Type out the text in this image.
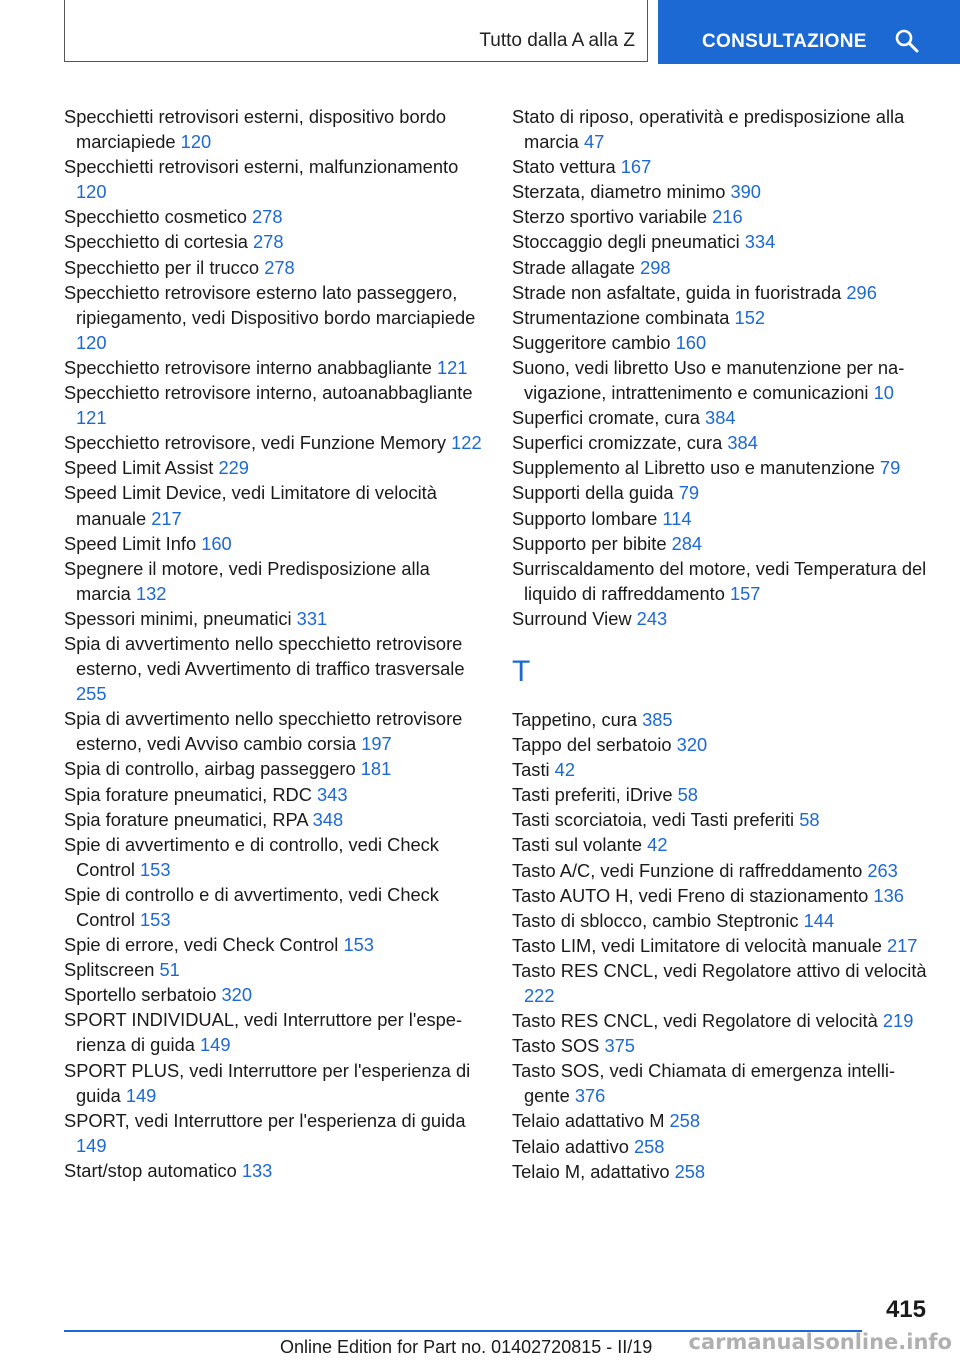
Tutto dalla A alla Z	CONSULTAZIONE

Specchietti retrovisori esterni, dispositivo bordo marciapiede 120

Specchietti retrovisori esterni, malfunzionamento 120

Specchietto cosmetico 278

Specchietto di cortesia 278

Specchietto per il trucco 278

Specchietto retrovisore esterno lato passeggero, ripiegamento, vedi Dispositivo bordo marciapiede 120

Specchietto retrovisore interno anabbagliante 121

Specchietto retrovisore interno, autoanabbagliante 121

Specchietto retrovisore, vedi Funzione Memory 122

Speed Limit Assist 229

Speed Limit Device, vedi Limitatore di velocità manuale 217

Speed Limit Info 160

Spegnere il motore, vedi Predisposizione alla marcia 132

Spessori minimi, pneumatici 331

Spia di avvertimento nello specchietto retrovisore esterno, vedi Avvertimento di traffico trasversale 255

Spia di avvertimento nello specchietto retrovisore esterno, vedi Avviso cambio corsia 197

Spia di controllo, airbag passeggero 181

Spia forature pneumatici, RDC 343

Spia forature pneumatici, RPA 348

Spie di avvertimento e di controllo, vedi Check Control 153

Spie di controllo e di avvertimento, vedi Check Control 153

Spie di errore, vedi Check Control 153

Splitscreen 51

Sportello serbatoio 320

SPORT INDIVIDUAL, vedi Interruttore per l'esperienza di guida 149

SPORT PLUS, vedi Interruttore per l'esperienza di guida 149

SPORT, vedi Interruttore per l'esperienza di guida 149

Start/stop automatico 133

Stato di riposo, operatività e predisposizione alla marcia 47

Stato vettura 167

Sterzata, diametro minimo 390

Sterzo sportivo variabile 216

Stoccaggio degli pneumatici 334

Strade allagate 298

Strade non asfaltate, guida in fuoristrada 296

Strumentazione combinata 152

Suggeritore cambio 160

Suono, vedi libretto Uso e manutenzione per navigazione, intrattenimento e comunicazioni 10

Superfici cromate, cura 384

Superfici cromizzate, cura 384

Supplemento al Libretto uso e manutenzione 79

Supporti della guida 79

Supporto lombare 114

Supporto per bibite 284

Surriscaldamento del motore, vedi Temperatura del liquido di raffreddamento 157

Surround View 243

T

Tappetino, cura 385

Tappo del serbatoio 320

Tasti 42

Tasti preferiti, iDrive 58

Tasti scorciatoia, vedi Tasti preferiti 58

Tasti sul volante 42

Tasto A/C, vedi Funzione di raffreddamento 263

Tasto AUTO H, vedi Freno di stazionamento 136

Tasto di sblocco, cambio Steptronic 144

Tasto LIM, vedi Limitatore di velocità manuale 217

Tasto RES CNCL, vedi Regolatore attivo di velocità 222

Tasto RES CNCL, vedi Regolatore di velocità 219

Tasto SOS 375

Tasto SOS, vedi Chiamata di emergenza intelligente 376

Telaio adattativo M 258

Telaio adattivo 258

Telaio M, adattativo 258

415
Online Edition for Part no. 01402720815 - II/19 carmanualsonline.info
